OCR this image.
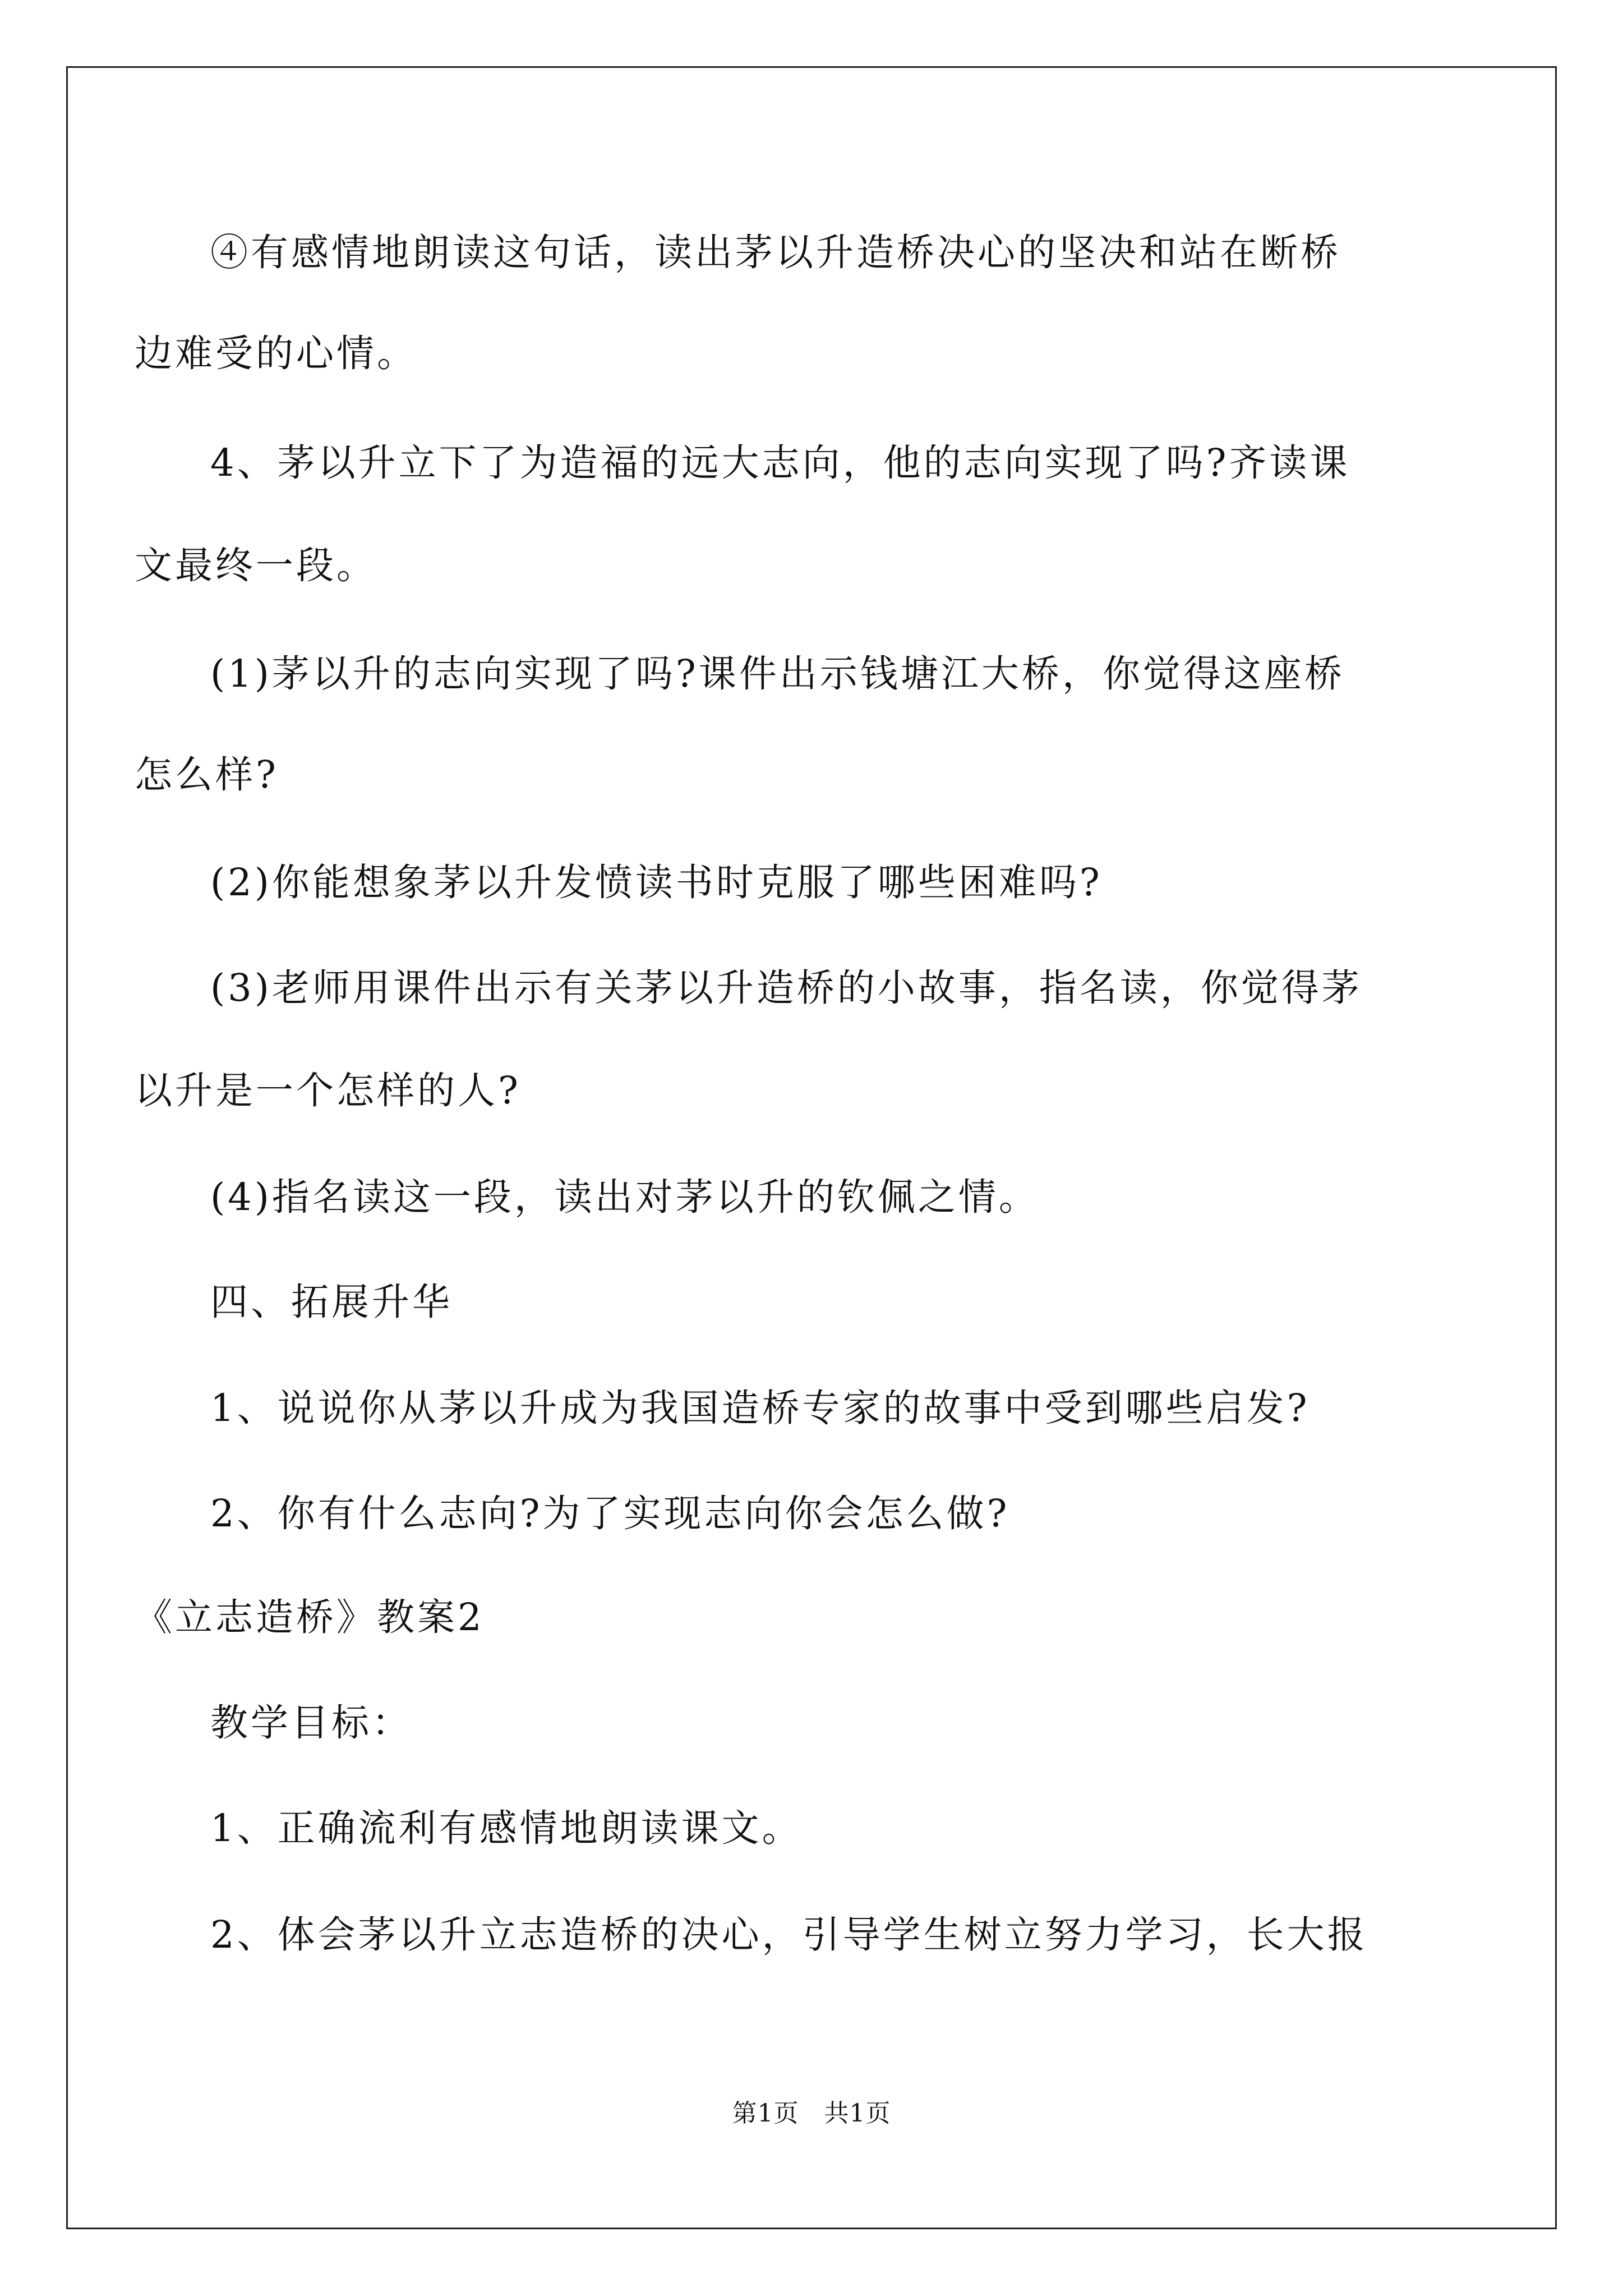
④有感情地朗读这句话，读出茅以升造桥决心的坚决和站在断桥
边难受的心情。
4、茅以升立下了为造福的远大志向，他的志向实现了吗?齐读课
文最终一段。
(1)茅以升的志向实现了吗?课件出示钱塘江大桥，你觉得这座桥
怎么样?
(2)你能想象茅以升发愤读书时克服了哪些困难吗?
(3)老师用课件出示有关茅以升造桥的小故事，指名读，你觉得茅
以升是一个怎样的人?
(4)指名读这一段，读出对茅以升的钦佩之情。
四、拓展升华
1、说说你从茅以升成为我国造桥专家的故事中受到哪些启发?
2、你有什么志向?为了实现志向你会怎么做?
《立志造桥》教案2
教学目标：
1、正确流利有感情地朗读课文。
2、体会茅以升立志造桥的决心，引导学生树立努力学习，长大报
第1页　共1页
